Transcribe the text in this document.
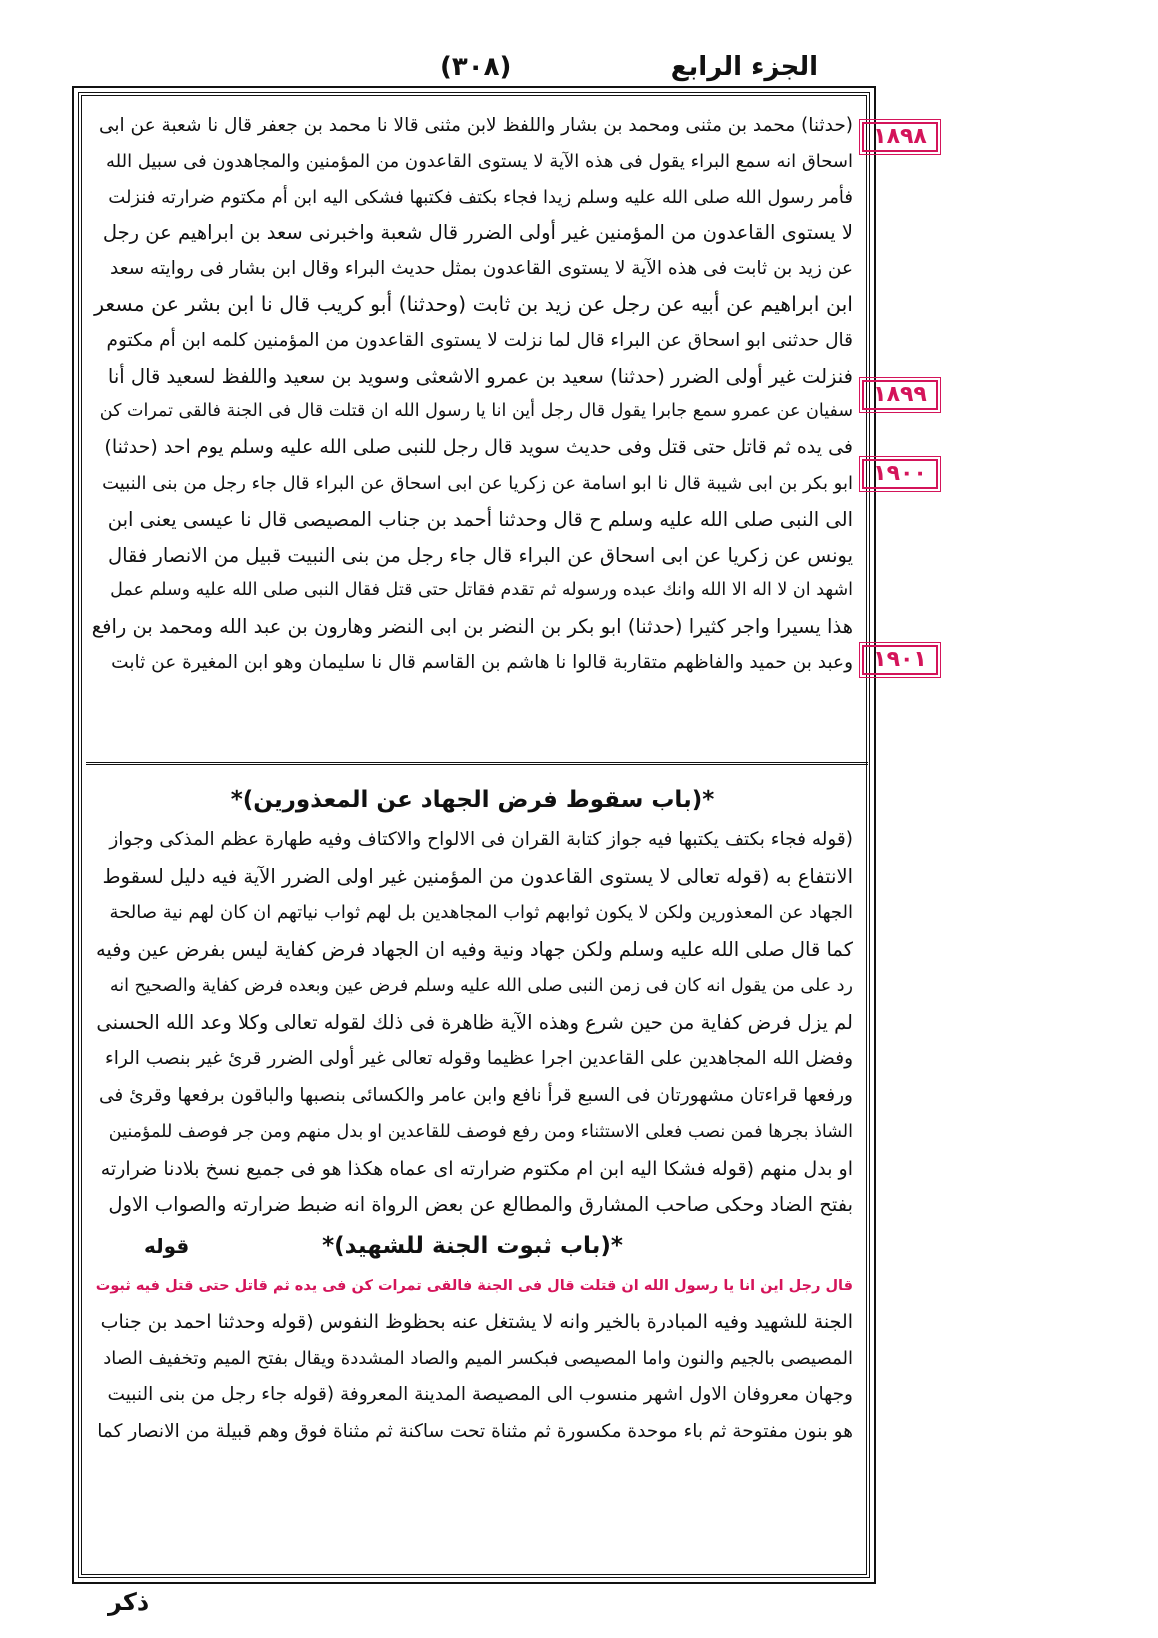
الجزء الرابع
(٣٠٨)
١٨٩٨
١٨٩٩
١٩٠٠
١٩٠١
(حدثنا) محمد بن مثنى ومحمد بن بشار واللفظ لابن مثنى قالا نا محمد بن جعفر قال نا شعبة عن ابى
اسحاق انه سمع البراء يقول فى هذه الآية لا يستوى القاعدون من المؤمنين والمجاهدون فى سبيل الله
فأمر رسول الله صلى الله عليه وسلم زيدا فجاء بكتف فكتبها فشكى اليه ابن أم مكتوم ضرارته فنزلت
لا يستوى القاعدون من المؤمنين غير أولى الضرر قال شعبة واخبرنى سعد بن ابراهيم عن رجل
عن زيد بن ثابت فى هذه الآية لا يستوى القاعدون بمثل حديث البراء وقال ابن بشار فى روايته سعد
ابن ابراهيم عن أبيه عن رجل عن زيد بن ثابت (وحدثنا) أبو كريب قال نا ابن بشر عن مسعر
قال حدثنى ابو اسحاق عن البراء قال لما نزلت لا يستوى القاعدون من المؤمنين كلمه ابن أم مكتوم
فنزلت غير أولى الضرر (حدثنا) سعيد بن عمرو الاشعثى وسويد بن سعيد واللفظ لسعيد قال أنا
سفيان عن عمرو سمع جابرا يقول قال رجل أين انا يا رسول الله ان قتلت قال فى الجنة فالقى تمرات كن
فى يده ثم قاتل حتى قتل وفى حديث سويد قال رجل للنبى صلى الله عليه وسلم يوم احد (حدثنا)
ابو بكر بن ابى شيبة قال نا ابو اسامة عن زكريا عن ابى اسحاق عن البراء قال جاء رجل من بنى النبيت
الى النبى صلى الله عليه وسلم ح قال وحدثنا أحمد بن جناب المصيصى قال نا عيسى يعنى ابن
يونس عن زكريا عن ابى اسحاق عن البراء قال جاء رجل من بنى النبيت قبيل من الانصار فقال
اشهد ان لا اله الا الله وانك عبده ورسوله ثم تقدم فقاتل حتى قتل فقال النبى صلى الله عليه وسلم عمل
هذا يسيرا واجر كثيرا (حدثنا) ابو بكر بن النضر بن ابى النضر وهارون بن عبد الله ومحمد بن رافع
وعبد بن حميد والفاظهم متقاربة قالوا نا هاشم بن القاسم قال نا سليمان وهو ابن المغيرة عن ثابت
*(باب سقوط فرض الجهاد عن المعذورين)*
(قوله فجاء بكتف يكتبها فيه جواز كتابة القران فى الالواح والاكتاف وفيه طهارة عظم المذكى وجواز
الانتفاع به (قوله تعالى لا يستوى القاعدون من المؤمنين غير اولى الضرر الآية فيه دليل لسقوط
الجهاد عن المعذورين ولكن لا يكون ثوابهم ثواب المجاهدين بل لهم ثواب نياتهم ان كان لهم نية صالحة
كما قال صلى الله عليه وسلم ولكن جهاد ونية وفيه ان الجهاد فرض كفاية ليس بفرض عين وفيه
رد على من يقول انه كان فى زمن النبى صلى الله عليه وسلم فرض عين وبعده فرض كفاية والصحيح انه
لم يزل فرض كفاية من حين شرع وهذه الآية ظاهرة فى ذلك لقوله تعالى وكلا وعد الله الحسنى
وفضل الله المجاهدين على القاعدين اجرا عظيما وقوله تعالى غير أولى الضرر قرئ غير بنصب الراء
ورفعها قراءتان مشهورتان فى السبع قرأ نافع وابن عامر والكسائى بنصبها والباقون برفعها وقرئ فى
الشاذ بجرها فمن نصب فعلى الاستثناء ومن رفع فوصف للقاعدين او بدل منهم ومن جر فوصف للمؤمنين
او بدل منهم (قوله فشكا اليه ابن ام مكتوم ضرارته اى عماه هكذا هو فى جميع نسخ بلادنا ضرارته
بفتح الضاد وحكى صاحب المشارق والمطالع عن بعض الرواة انه ضبط ضرارته والصواب الاول
*(باب ثبوت الجنة للشهيد)*
قوله
قال رجل اين انا يا رسول الله ان قتلت قال فى الجنة فالقى تمرات كن فى يده ثم قاتل حتى قتل فيه ثبوت
الجنة للشهيد وفيه المبادرة بالخير وانه لا يشتغل عنه بحظوظ النفوس (قوله وحدثنا احمد بن جناب
المصيصى بالجيم والنون واما المصيصى فبكسر الميم والصاد المشددة ويقال بفتح الميم وتخفيف الصاد
وجهان معروفان الاول اشهر منسوب الى المصيصة المدينة المعروفة (قوله جاء رجل من بنى النبيت
هو بنون مفتوحة ثم باء موحدة مكسورة ثم مثناة تحت ساكنة ثم مثناة فوق وهم قبيلة من الانصار كما
ذكر
